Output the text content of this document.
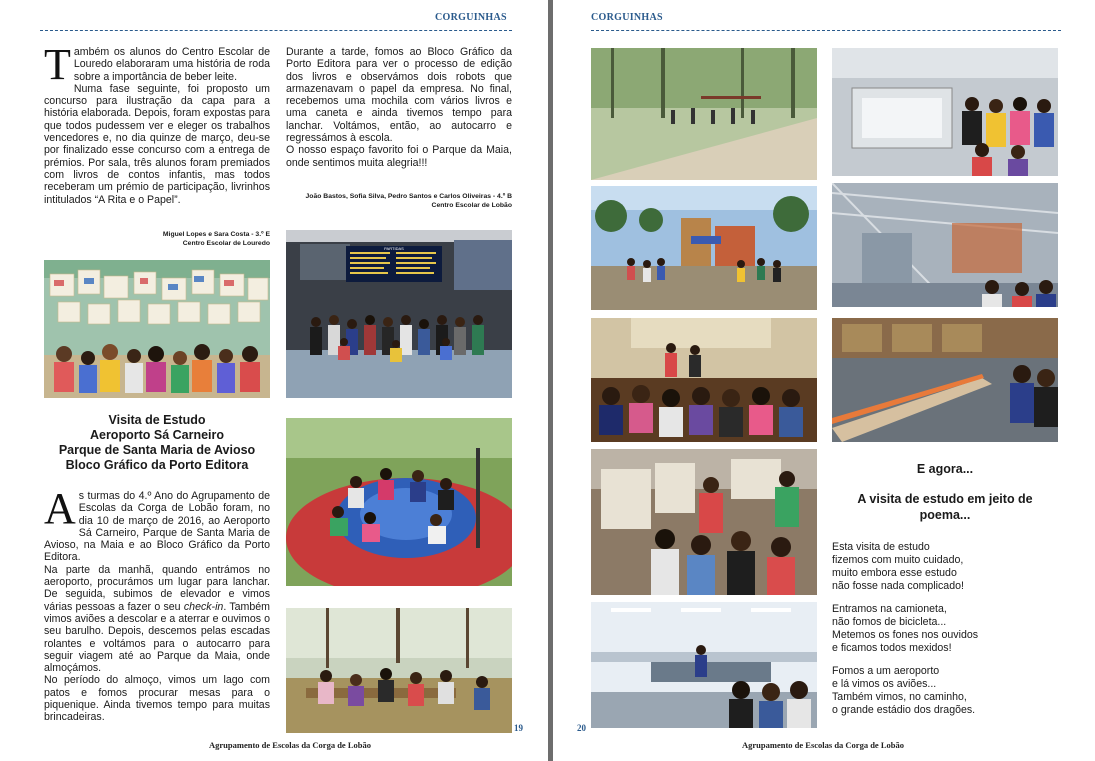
CORGUINHAS

Também os alunos do Centro Escolar de Louredo elaboraram uma história de roda sobre a importância de beber leite.

Numa fase seguinte, foi proposto um concurso para ilustração da capa para a história elaborada. Depois, foram expostas para que todos pudessem ver e eleger os trabalhos vencedores e, no dia quinze de março, deu-se por finalizado esse concurso com a entrega de prémios. Por sala, três alunos foram premiados com livros de contos infantis, mas todos receberam um prémio de participação, livrinhos intitulados “A Rita e o Papel”.

Miguel Lopes e Sara Costa - 3.º E
Centro Escolar de Louredo

Durante a tarde, fomos ao Bloco Gráfico da Porto Editora para ver o processo de edição dos livros e observámos dois robots que armazenavam o papel da empresa. No final, recebemos uma mochila com vários livros e uma caneta e ainda tivemos tempo para lanchar. Voltámos, então, ao autocarro e regressámos à escola.

O nosso espaço favorito foi o Parque da Maia, onde sentimos muita alegria!!!

João Bastos, Sofia Silva, Pedro Santos e Carlos Oliveiras - 4.º B
Centro Escolar de Lobão
PARTIDAS
Visita de Estudo
Aeroporto Sá Carneiro
Parque de Santa Maria de Avioso
Bloco Gráfico da Porto Editora

As turmas do 4.º Ano do Agrupamento de Escolas da Corga de Lobão foram, no dia 10 de março de 2016, ao Aeroporto Sá Carneiro, Parque de Santa Maria de Avioso, na Maia e ao Bloco Gráfico da Porto Editora.

Na parte da manhã, quando entrámos no aeroporto, procurámos um lugar para lanchar. De seguida, subimos de elevador e vimos várias pessoas a fazer o seu check-in. Também vimos aviões a descolar e a aterrar e ouvimos o seu barulho. Depois, descemos pelas escadas rolantes e voltámos para o autocarro para seguir viagem até ao Parque da Maia, onde almoçámos.

No período do almoço, vimos um lago com patos e fomos procurar mesas para o piquenique. Ainda tivemos tempo para muitas brincadeiras.

19
Agrupamento de Escolas da Corga de Lobão
CORGUINHAS
E agora...
A visita de estudo em jeito de
poema...

Esta visita de estudo
fizemos com muito cuidado,
muito embora esse estudo
não fosse nada complicado!

Entramos na camioneta,
não fomos de bicicleta...
Metemos os fones nos ouvidos
e ficamos todos mexidos!

Fomos a um aeroporto
e lá vimos os aviões...
Também vimos, no caminho,
o grande estádio dos dragões.

20
Agrupamento de Escolas da Corga de Lobão
